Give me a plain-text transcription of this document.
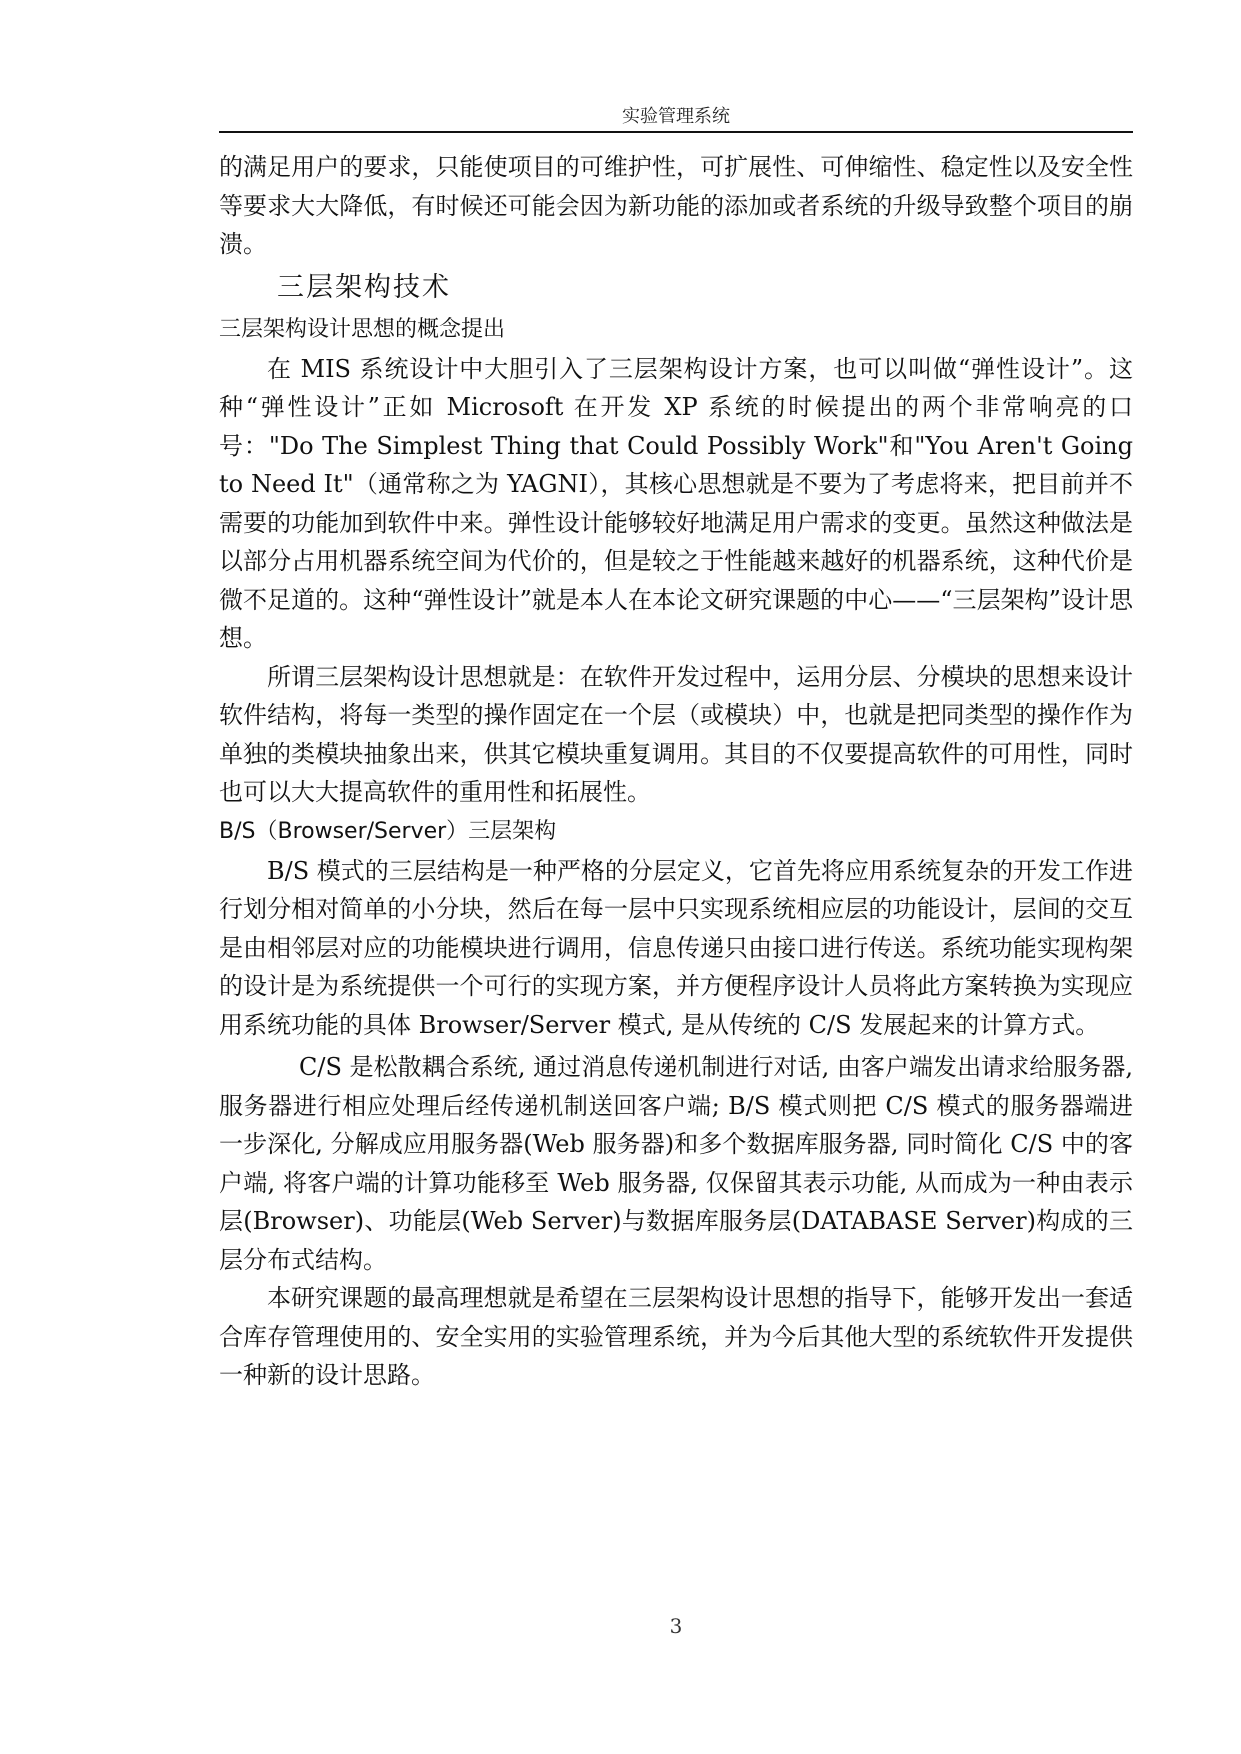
实验管理系统

的满足用户的要求，只能使项目的可维护性，可扩展性、可伸缩性、稳定性以及安全性等要求大大降低，有时候还可能会因为新功能的添加或者系统的升级导致整个项目的崩溃。

三层架构技术
三层架构设计思想的概念提出

在 MIS 系统设计中大胆引入了三层架构设计方案，也可以叫做“弹性设计”。这种“弹性设计”正如 Microsoft 在开发 XP 系统的时候提出的两个非常响亮的口号："Do The Simplest Thing that Could Possibly Work"和"You Aren't Going to Need It"（通常称之为 YAGNI），其核心思想就是不要为了考虑将来，把目前并不需要的功能加到软件中来。弹性设计能够较好地满足用户需求的变更。虽然这种做法是以部分占用机器系统空间为代价的，但是较之于性能越来越好的机器系统，这种代价是微不足道的。这种“弹性设计”就是本人在本论文研究课题的中心——“三层架构”设计思想。

所谓三层架构设计思想就是：在软件开发过程中，运用分层、分模块的思想来设计软件结构，将每一类型的操作固定在一个层（或模块）中，也就是把同类型的操作作为单独的类模块抽象出来，供其它模块重复调用。其目的不仅要提高软件的可用性，同时也可以大大提高软件的重用性和拓展性。

B/S（Browser/Server）三层架构

B/S 模式的三层结构是一种严格的分层定义，它首先将应用系统复杂的开发工作进行划分相对简单的小分块，然后在每一层中只实现系统相应层的功能设计，层间的交互是由相邻层对应的功能模块进行调用，信息传递只由接口进行传送。系统功能实现构架的设计是为系统提供一个可行的实现方案，并方便程序设计人员将此方案转换为实现应用系统功能的具体 Browser/Server 模式, 是从传统的 C/S 发展起来的计算方式。

C/S 是松散耦合系统, 通过消息传递机制进行对话, 由客户端发出请求给服务器, 服务器进行相应处理后经传递机制送回客户端; B/S 模式则把 C/S 模式的服务器端进一步深化, 分解成应用服务器(Web 服务器)和多个数据库服务器, 同时简化 C/S 中的客户端, 将客户端的计算功能移至 Web 服务器, 仅保留其表示功能, 从而成为一种由表示层(Browser)、功能层(Web Server)与数据库服务层(DATABASE Server)构成的三层分布式结构。

本研究课题的最高理想就是希望在三层架构设计思想的指导下，能够开发出一套适合库存管理使用的、安全实用的实验管理系统，并为今后其他大型的系统软件开发提供一种新的设计思路。

3
